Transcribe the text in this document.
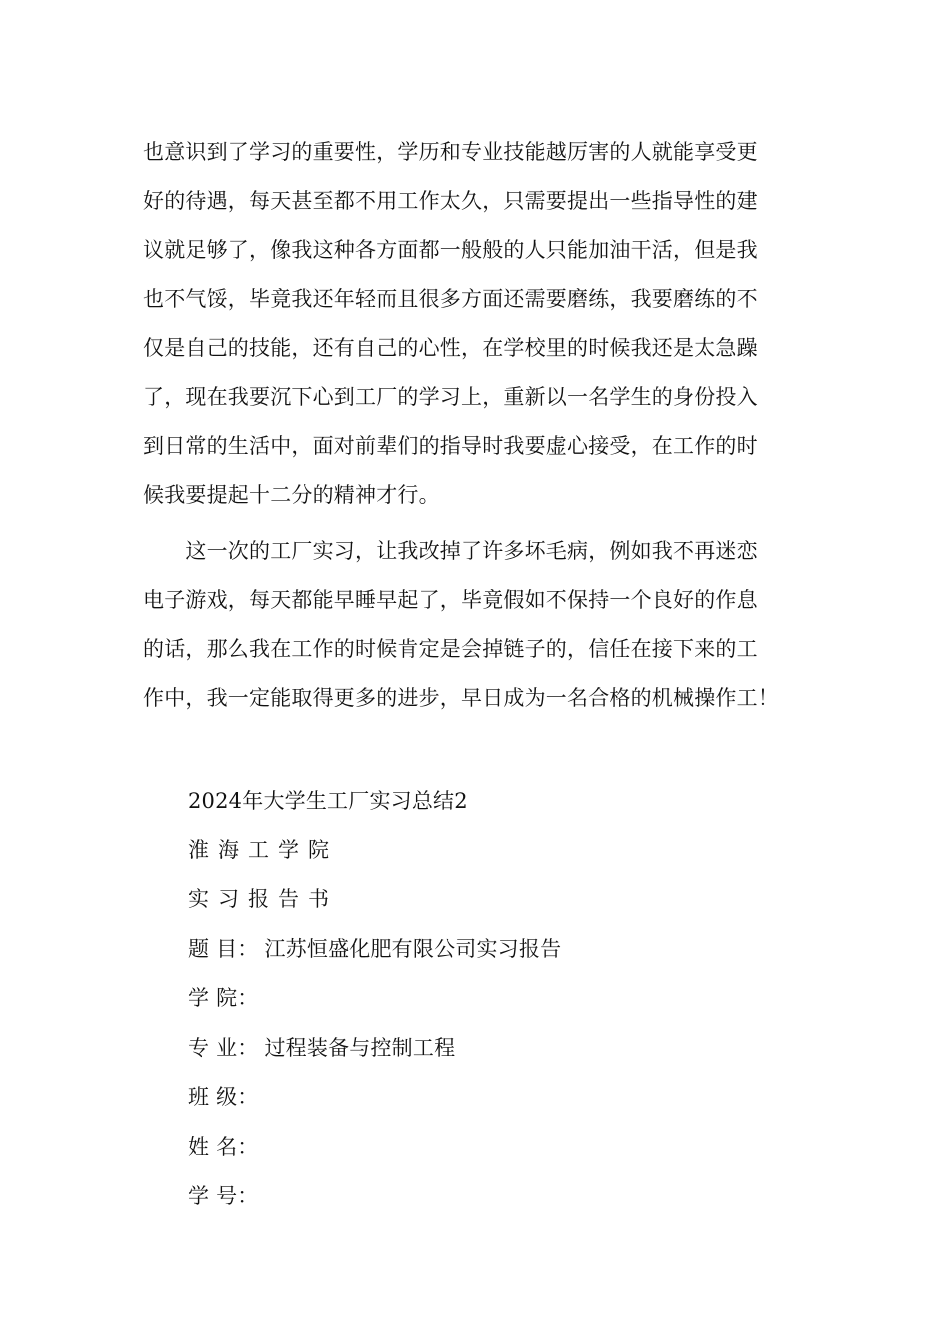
也意识到了学习的重要性，学历和专业技能越厉害的人就能享受更
好的待遇，每天甚至都不用工作太久，只需要提出一些指导性的建
议就足够了，像我这种各方面都一般般的人只能加油干活，但是我
也不气馁，毕竟我还年轻而且很多方面还需要磨练，我要磨练的不
仅是自己的技能，还有自己的心性，在学校里的时候我还是太急躁
了，现在我要沉下心到工厂的学习上，重新以一名学生的身份投入
到日常的生活中，面对前辈们的指导时我要虚心接受，在工作的时
候我要提起十二分的精神才行。
　　这一次的工厂实习，让我改掉了许多坏毛病，例如我不再迷恋
电子游戏，每天都能早睡早起了，毕竟假如不保持一个良好的作息
的话，那么我在工作的时候肯定是会掉链子的，信任在接下来的工
作中，我一定能取得更多的进步，早日成为一名合格的机械操作工！
2024年大学生工厂实习总结2
淮海工学院
实习报告书
题 目： 江苏恒盛化肥有限公司实习报告
学 院：
专 业：过程装备与控制工程
班 级：
姓 名：
学 号：
